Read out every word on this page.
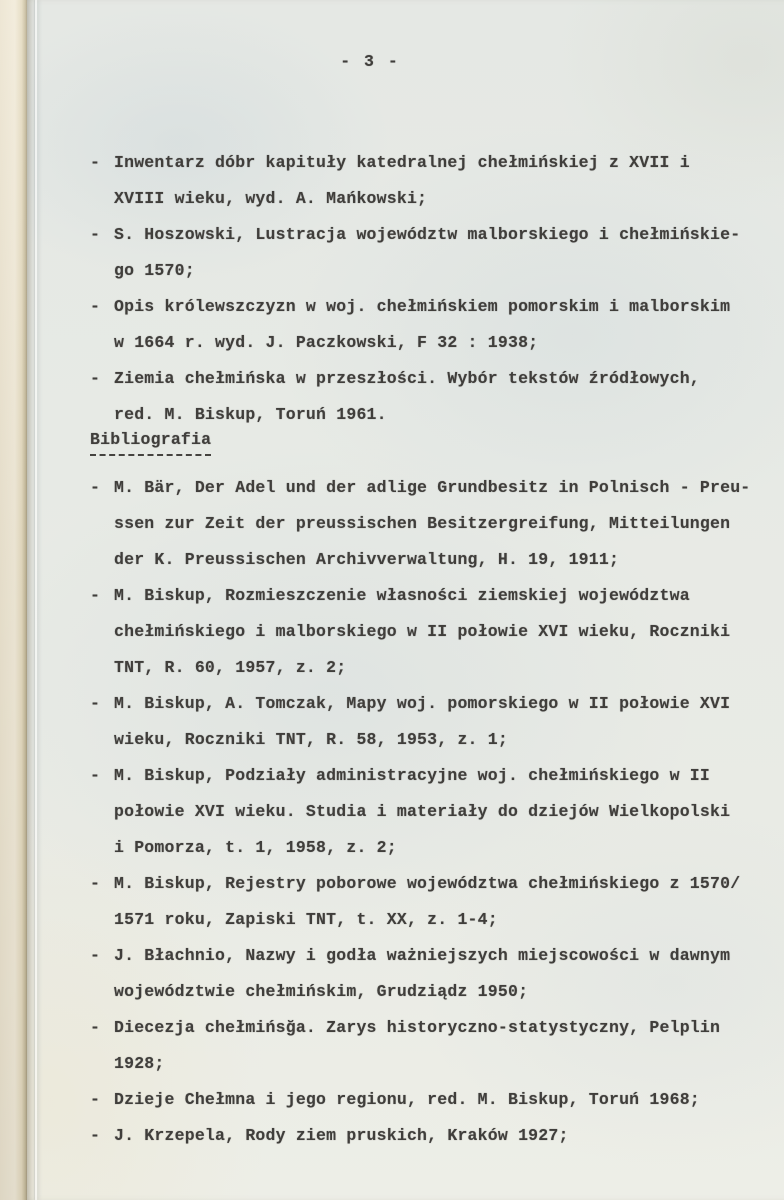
- 3 -
- Inwentarz dóbr kapituły katedralnej chełmińskiej z XVII i
XVIII wieku, wyd. A. Mańkowski;
- S. Hoszowski, Lustracja województw malborskiego i chełmińskie-
go 1570;
- Opis królewszczyzn w woj. chełmińskiem pomorskim i malborskim
w 1664 r. wyd. J. Paczkowski, F 32 : 1938;
- Ziemia chełmińska w przeszłości. Wybór tekstów źródłowych,
red. M. Biskup, Toruń 1961.
Bibliografia
- M. Bär, Der Adel und der adlige Grundbesitz in Polnisch - Preu-
ssen zur Zeit der preussischen Besitzergreifung, Mitteilungen
der K. Preussischen Archivverwaltung, H. 19, 1911;
- M. Biskup, Rozmieszczenie własności ziemskiej województwa
chełmińskiego i malborskiego w II połowie XVI wieku, Roczniki
TNT, R. 60, 1957, z. 2;
- M. Biskup, A. Tomczak, Mapy woj. pomorskiego w II połowie XVI
wieku, Roczniki TNT, R. 58, 1953, z. 1;
- M. Biskup, Podziały administracyjne woj. chełmińskiego w II
połowie XVI wieku. Studia i materiały do dziejów Wielkopolski
i Pomorza, t. 1, 1958, z. 2;
- M. Biskup, Rejestry poborowe województwa chełmińskiego z 1570/
1571 roku, Zapiski TNT, t. XX, z. 1-4;
- J. Błachnio, Nazwy i godła ważniejszych miejscowości w dawnym
województwie chełmińskim, Grudziądz 1950;
- Diecezja chełmińsğa. Zarys historyczno-statystyczny, Pelplin
1928;
- Dzieje Chełmna i jego regionu, red. M. Biskup, Toruń 1968;
- J. Krzepela, Rody ziem pruskich, Kraków 1927;
